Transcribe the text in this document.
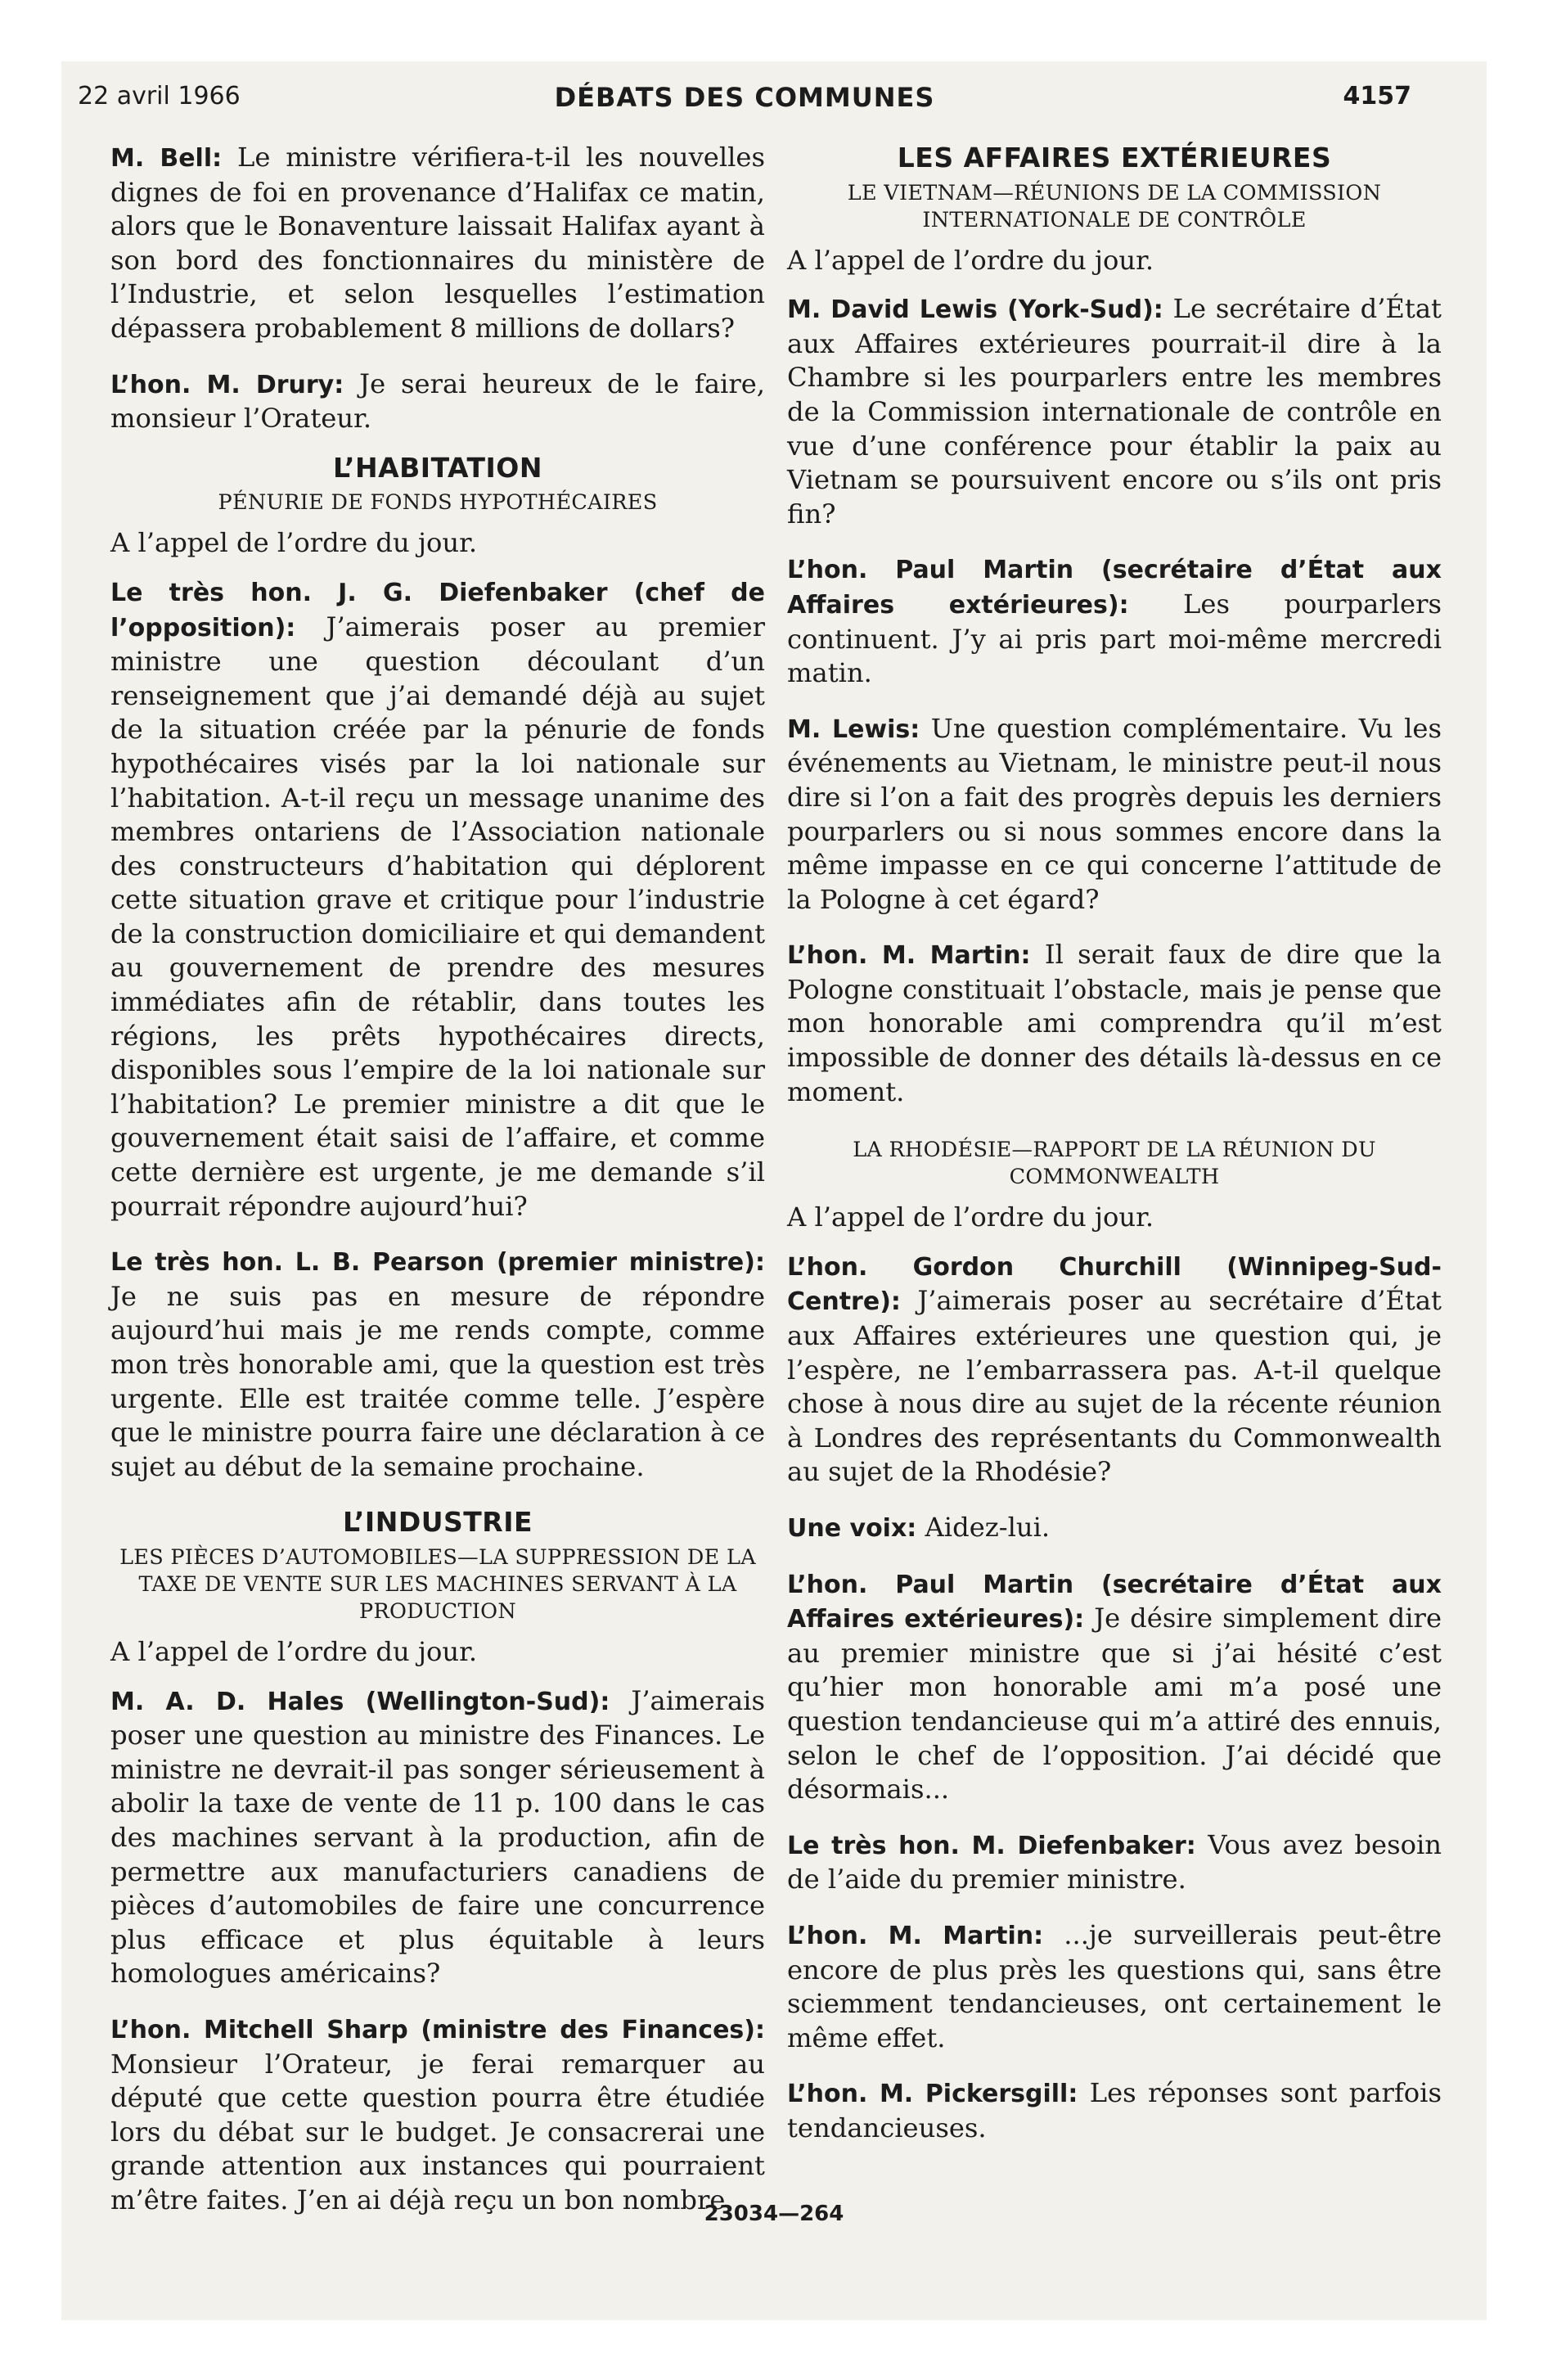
22 avril 1966	DÉBATS DES COMMUNES	4157

M. Bell: Le ministre vérifiera-t-il les nouvelles dignes de foi en provenance d’Halifax ce matin, alors que le Bonaventure laissait Halifax ayant à son bord des fonctionnaires du ministère de l’Industrie, et selon lesquelles l’estimation dépassera probablement 8 millions de dollars?

L’hon. M. Drury: Je serai heureux de le faire, monsieur l’Orateur.

L’HABITATION
PÉNURIE DE FONDS HYPOTHÉCAIRES

A l’appel de l’ordre du jour.

Le très hon. J. G. Diefenbaker (chef de l’opposition): J’aimerais poser au premier ministre une question découlant d’un renseignement que j’ai demandé déjà au sujet de la situation créée par la pénurie de fonds hypothécaires visés par la loi nationale sur l’habitation. A-t-il reçu un message unanime des membres ontariens de l’Association nationale des constructeurs d’habitation qui déplorent cette situation grave et critique pour l’industrie de la construction domiciliaire et qui demandent au gouvernement de prendre des mesures immédiates afin de rétablir, dans toutes les régions, les prêts hypothécaires directs, disponibles sous l’empire de la loi nationale sur l’habitation? Le premier ministre a dit que le gouvernement était saisi de l’affaire, et comme cette dernière est urgente, je me demande s’il pourrait répondre aujourd’hui?

Le très hon. L. B. Pearson (premier ministre): Je ne suis pas en mesure de répondre aujourd’hui mais je me rends compte, comme mon très honorable ami, que la question est très urgente. Elle est traitée comme telle. J’espère que le ministre pourra faire une déclaration à ce sujet au début de la semaine prochaine.

L’INDUSTRIE
LES PIÈCES D’AUTOMOBILES—LA SUPPRESSION DE LA TAXE DE VENTE SUR LES MACHINES SERVANT À LA PRODUCTION

A l’appel de l’ordre du jour.

M. A. D. Hales (Wellington-Sud): J’aimerais poser une question au ministre des Finances. Le ministre ne devrait-il pas songer sérieusement à abolir la taxe de vente de 11 p. 100 dans le cas des machines servant à la production, afin de permettre aux manufacturiers canadiens de pièces d’automobiles de faire une concurrence plus efficace et plus équitable à leurs homologues américains?

L’hon. Mitchell Sharp (ministre des Finances): Monsieur l’Orateur, je ferai remarquer au député que cette question pourra être étudiée lors du débat sur le budget. Je consacrerai une grande attention aux instances qui pourraient m’être faites. J’en ai déjà reçu un bon nombre.

LES AFFAIRES EXTÉRIEURES
LE VIETNAM—RÉUNIONS DE LA COMMISSION INTERNATIONALE DE CONTRÔLE

A l’appel de l’ordre du jour.

M. David Lewis (York-Sud): Le secrétaire d’État aux Affaires extérieures pourrait-il dire à la Chambre si les pourparlers entre les membres de la Commission internationale de contrôle en vue d’une conférence pour établir la paix au Vietnam se poursuivent encore ou s’ils ont pris fin?

L’hon. Paul Martin (secrétaire d’État aux Affaires extérieures): Les pourparlers continuent. J’y ai pris part moi-même mercredi matin.

M. Lewis: Une question complémentaire. Vu les événements au Vietnam, le ministre peut-il nous dire si l’on a fait des progrès depuis les derniers pourparlers ou si nous sommes encore dans la même impasse en ce qui concerne l’attitude de la Pologne à cet égard?

L’hon. M. Martin: Il serait faux de dire que la Pologne constituait l’obstacle, mais je pense que mon honorable ami comprendra qu’il m’est impossible de donner des détails là-dessus en ce moment.

LA RHODÉSIE—RAPPORT DE LA RÉUNION DU COMMONWEALTH

A l’appel de l’ordre du jour.

L’hon. Gordon Churchill (Winnipeg-Sud-Centre): J’aimerais poser au secrétaire d’État aux Affaires extérieures une question qui, je l’espère, ne l’embarrassera pas. A-t-il quelque chose à nous dire au sujet de la récente réunion à Londres des représentants du Commonwealth au sujet de la Rhodésie?

Une voix: Aidez-lui.

L’hon. Paul Martin (secrétaire d’État aux Affaires extérieures): Je désire simplement dire au premier ministre que si j’ai hésité c’est qu’hier mon honorable ami m’a posé une question tendancieuse qui m’a attiré des ennuis, selon le chef de l’opposition. J’ai décidé que désormais...

Le très hon. M. Diefenbaker: Vous avez besoin de l’aide du premier ministre.

L’hon. M. Martin: ...je surveillerais peut-être encore de plus près les questions qui, sans être sciemment tendancieuses, ont certainement le même effet.

L’hon. M. Pickersgill: Les réponses sont parfois tendancieuses.

23034—264
